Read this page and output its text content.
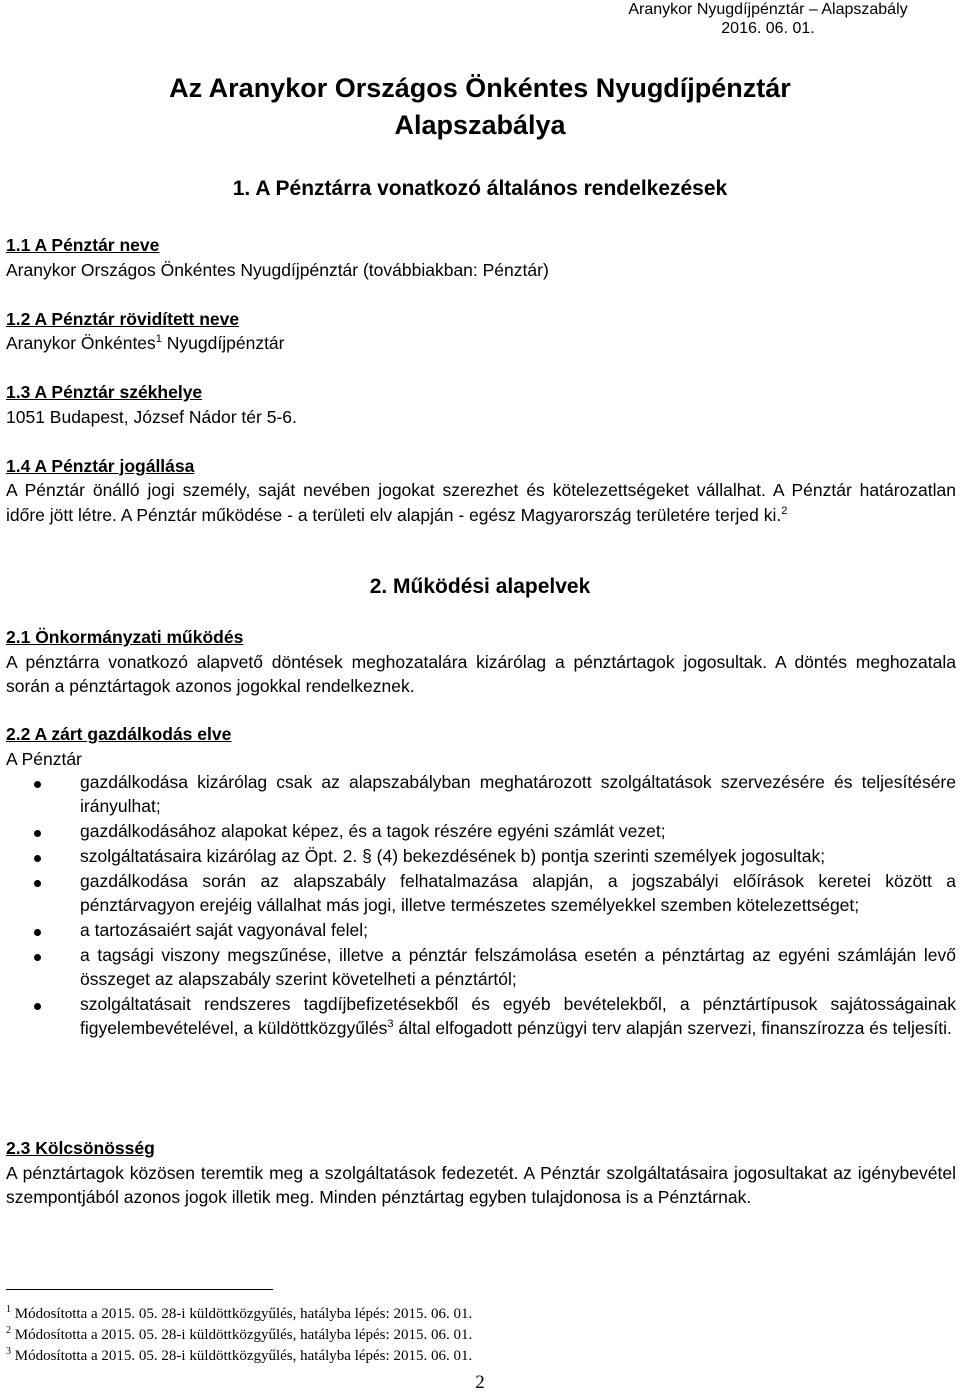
Aranykor Nyugdíjpénztár – Alapszabály
2016. 06. 01.
Az Aranykor Országos Önkéntes Nyugdíjpénztár
Alapszabálya
1. A Pénztárra vonatkozó általános rendelkezések
1.1 A Pénztár neve
Aranykor Országos Önkéntes Nyugdíjpénztár (továbbiakban: Pénztár)
1.2 A Pénztár rövidített neve
Aranykor Önkéntes$^1$ Nyugdíjpénztár
1.3 A Pénztár székhelye
1051 Budapest, József Nádor tér 5-6.
1.4 A Pénztár jogállása
A Pénztár önálló jogi személy, saját nevében jogokat szerezhet és kötelezettségeket vállalhat. A Pénztár határozatlan időre jött létre. A Pénztár működése - a területi elv alapján - egész Magyarország területére terjed ki.$^2$
2. Működési alapelvek
2.1 Önkormányzati működés
A pénztárra vonatkozó alapvető döntések meghozatalára kizárólag a pénztártagok jogosultak. A döntés meghozatala során a pénztártagok azonos jogokkal rendelkeznek.
2.2 A zárt gazdálkodás elve
A Pénztár
gazdálkodása kizárólag csak az alapszabályban meghatározott szolgáltatások szervezésére és teljesítésére irányulhat;
gazdálkodásához alapokat képez, és a tagok részére egyéni számlát vezet;
szolgáltatásaira kizárólag az Öpt. 2. § (4) bekezdésének b) pontja szerinti személyek jogosultak;
gazdálkodása során az alapszabály felhatalmazása alapján, a jogszabályi előírások keretei között a pénztárvagyon erejéig vállalhat más jogi, illetve természetes személyekkel szemben kötelezettséget;
a tartozásaiért saját vagyonával felel;
a tagsági viszony megszűnése, illetve a pénztár felszámolása esetén a pénztártag az egyéni számláján levő összeget az alapszabály szerint követelheti a pénztártól;
szolgáltatásait rendszeres tagdíjbefizetésekből és egyéb bevételekből, a pénztártípusok sajátosságainak figyelembevételével, a küldöttközgyűlés$^3$ által elfogadott pénzügyi terv alapján szervezi, finanszírozza és teljesíti.
2.3 Kölcsönösség
A pénztártagok közösen teremtik meg a szolgáltatások fedezetét. A Pénztár szolgáltatásaira jogosultakat az igénybevétel szempontjából azonos jogok illetik meg. Minden pénztártag egyben tulajdonosa is a Pénztárnak.
$^1$ Módosította a 2015. 05. 28-i küldöttközgyűlés, hatályba lépés: 2015. 06. 01.
$^2$ Módosította a 2015. 05. 28-i küldöttközgyűlés, hatályba lépés: 2015. 06. 01.
$^3$ Módosította a 2015. 05. 28-i küldöttközgyűlés, hatályba lépés: 2015. 06. 01.
2
